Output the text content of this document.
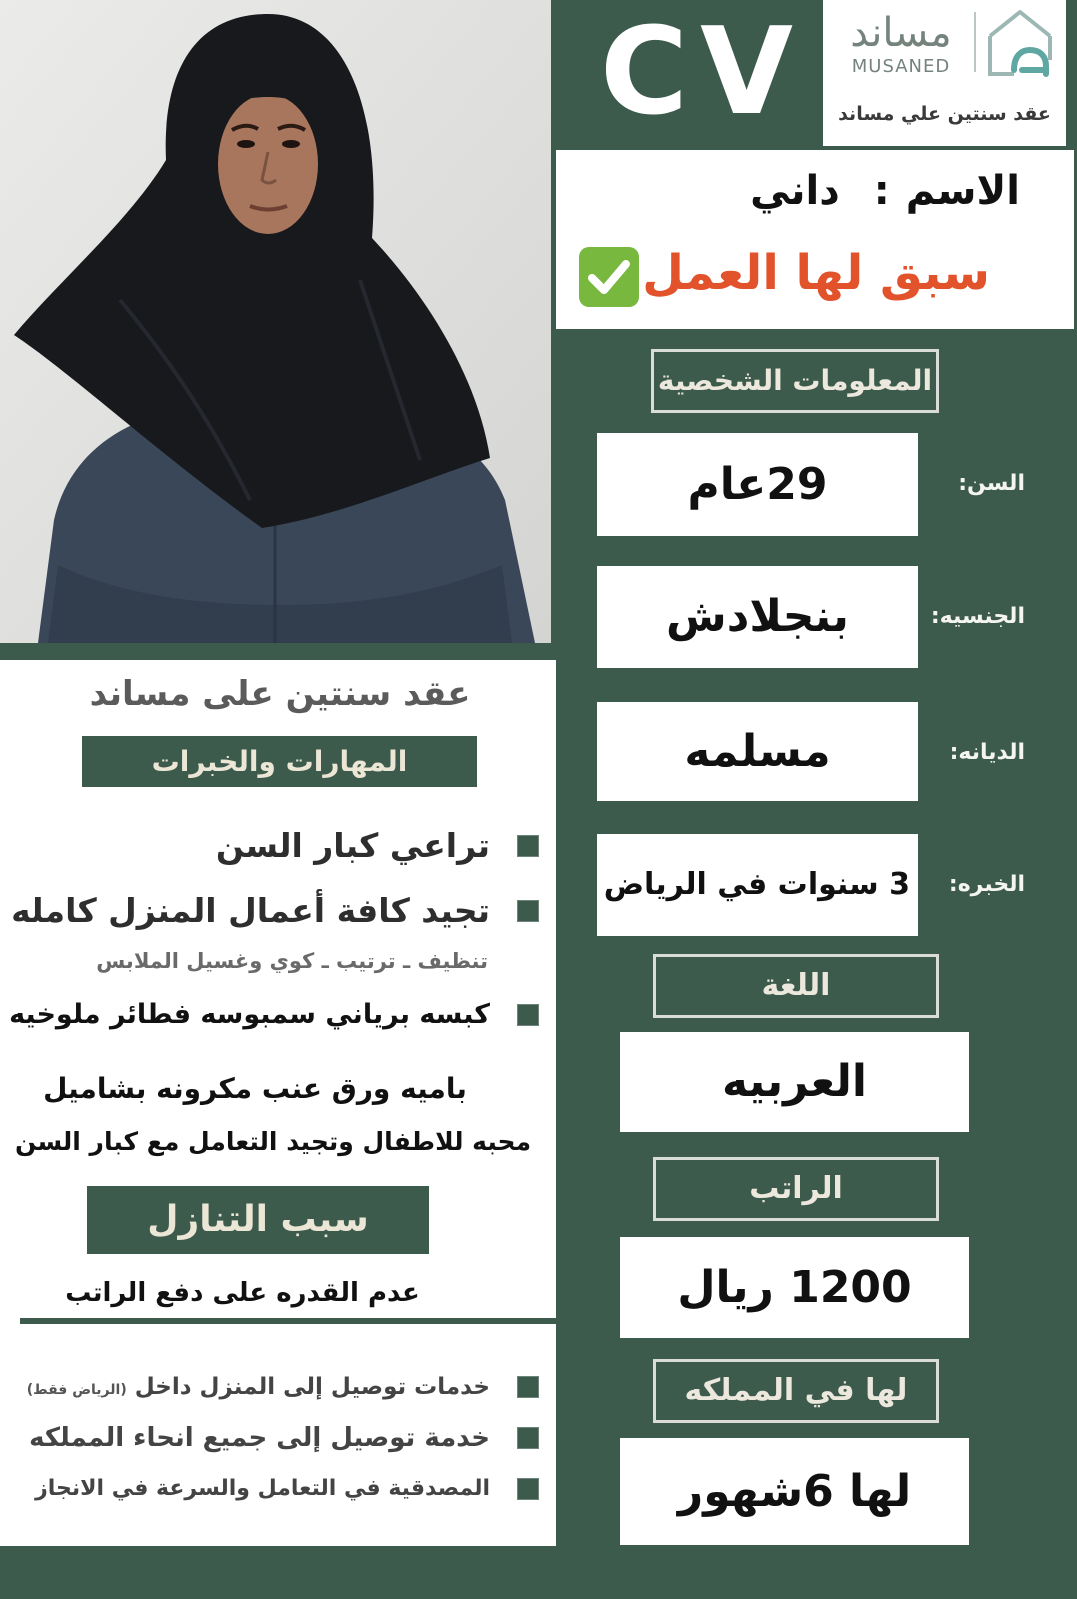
CV	مساند
MUSANED
عقد سنتين علي مساند
الاسم:داني
سبق لها العمل
المعلومات الشخصية
السن:
29عام
الجنسيه:
بنجلادش
الديانه:
مسلمه
الخبره:
3 سنوات في الرياض
اللغة
العربيه
الراتب
1200 ريال
لها في المملكه
لها 6شهور
عقد سنتين على مساند
المهارات والخبرات
تراعي كبار السن
تجيد كافة أعمال المنزل كامله
تنظيف ـ ترتيب ـ كوي وغسيل الملابس
كبسه برياني سمبوسه فطائر ملوخيه
باميه ورق عنب مكرونه بشاميل
محبه للاطفال وتجيد التعامل مع كبار السن
سبب التنازل
عدم القدره على دفع الراتب
خدمات توصيل إلى المنزل داخل(الرياض فقط)
خدمة توصيل إلى جميع انحاء المملكه
المصدقية في التعامل والسرعة في الانجاز
